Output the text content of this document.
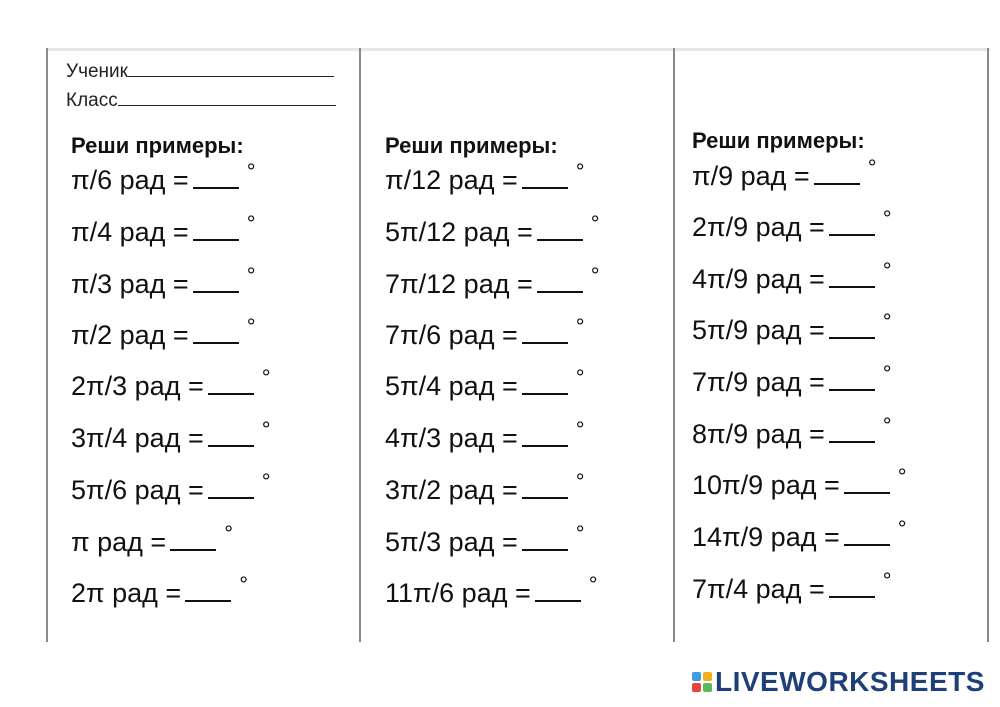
Ученик
Класс
Реши примеры:
π/6 рад =	°
π/4 рад =	°
π/3 рад =	°
π/2 рад =	°
2π/3 рад =	°
3π/4 рад =	°
5π/6 рад =	°
π рад =	°
2π рад =	°
Реши примеры:
π/12 рад =	°
5π/12 рад =	°
7π/12 рад =	°
7π/6 рад =	°
5π/4 рад =	°
4π/3 рад =	°
3π/2 рад =	°
5π/3 рад =	°
11π/6 рад =	°
Реши примеры:
π/9 рад =	°
2π/9 рад =	°
4π/9 рад =	°
5π/9 рад =	°
7π/9 рад =	°
8π/9 рад =	°
10π/9 рад =	°
14π/9 рад =	°
7π/4 рад =	°
LIVEWORKSHEETS
